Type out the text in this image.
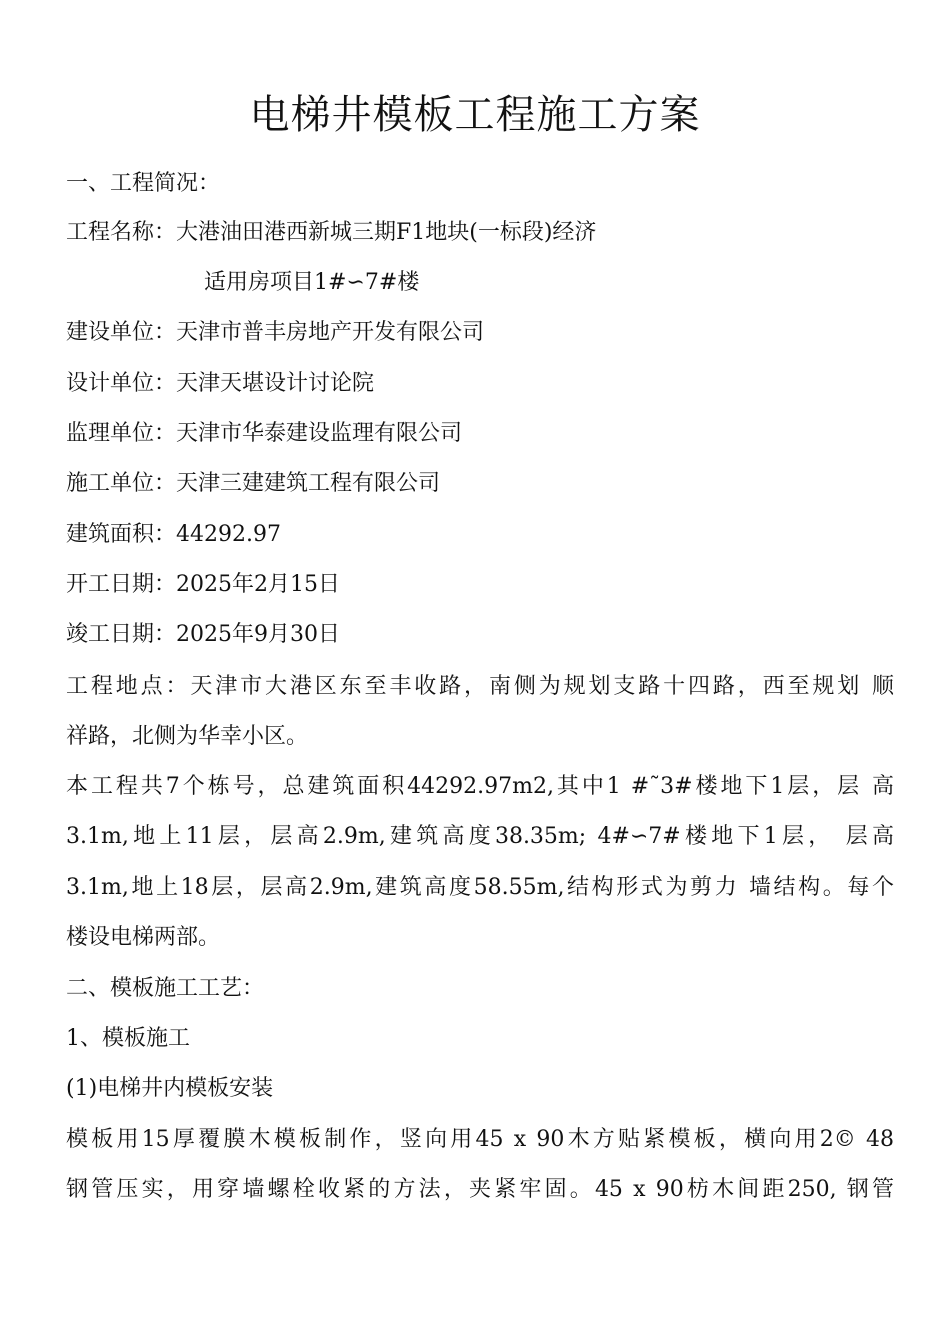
电梯井模板工程施工方案
一、工程简况：
工程名称：大港油田港西新城三期F1地块(一标段)经济
适用房项目1#∽7#楼
建设单位：天津市普丰房地产开发有限公司
设计单位：天津天堪设计讨论院
监理单位：天津市华泰建设监理有限公司
施工单位：天津三建建筑工程有限公司
建筑面积：44292.97
开工日期：2025年2月15日
竣工日期：2025年9月30日
工程地点：天津市大港区东至丰收路，南侧为规划支路十四路，西至规划 顺
祥路，北侧为华幸小区。
本工程共7个栋号，总建筑面积44292.97m2,其中1 #˜3#楼地下1层，层 高
3.1m,地上11层，层高2.9m,建筑高度38.35m; 4#∽7#楼地下1层， 层高
3.1m,地上18层，层高2.9m,建筑高度58.55m,结构形式为剪力 墙结构。每个
楼设电梯两部。
二、模板施工工艺：
1、模板施工
(1)电梯井内模板安装
模板用15厚覆膜木模板制作，竖向用45 x 90木方贴紧模板，横向用2© 48
钢管压实，用穿墙螺栓收紧的方法，夹紧牢固。45 x 90枋木间距250, 钢管
